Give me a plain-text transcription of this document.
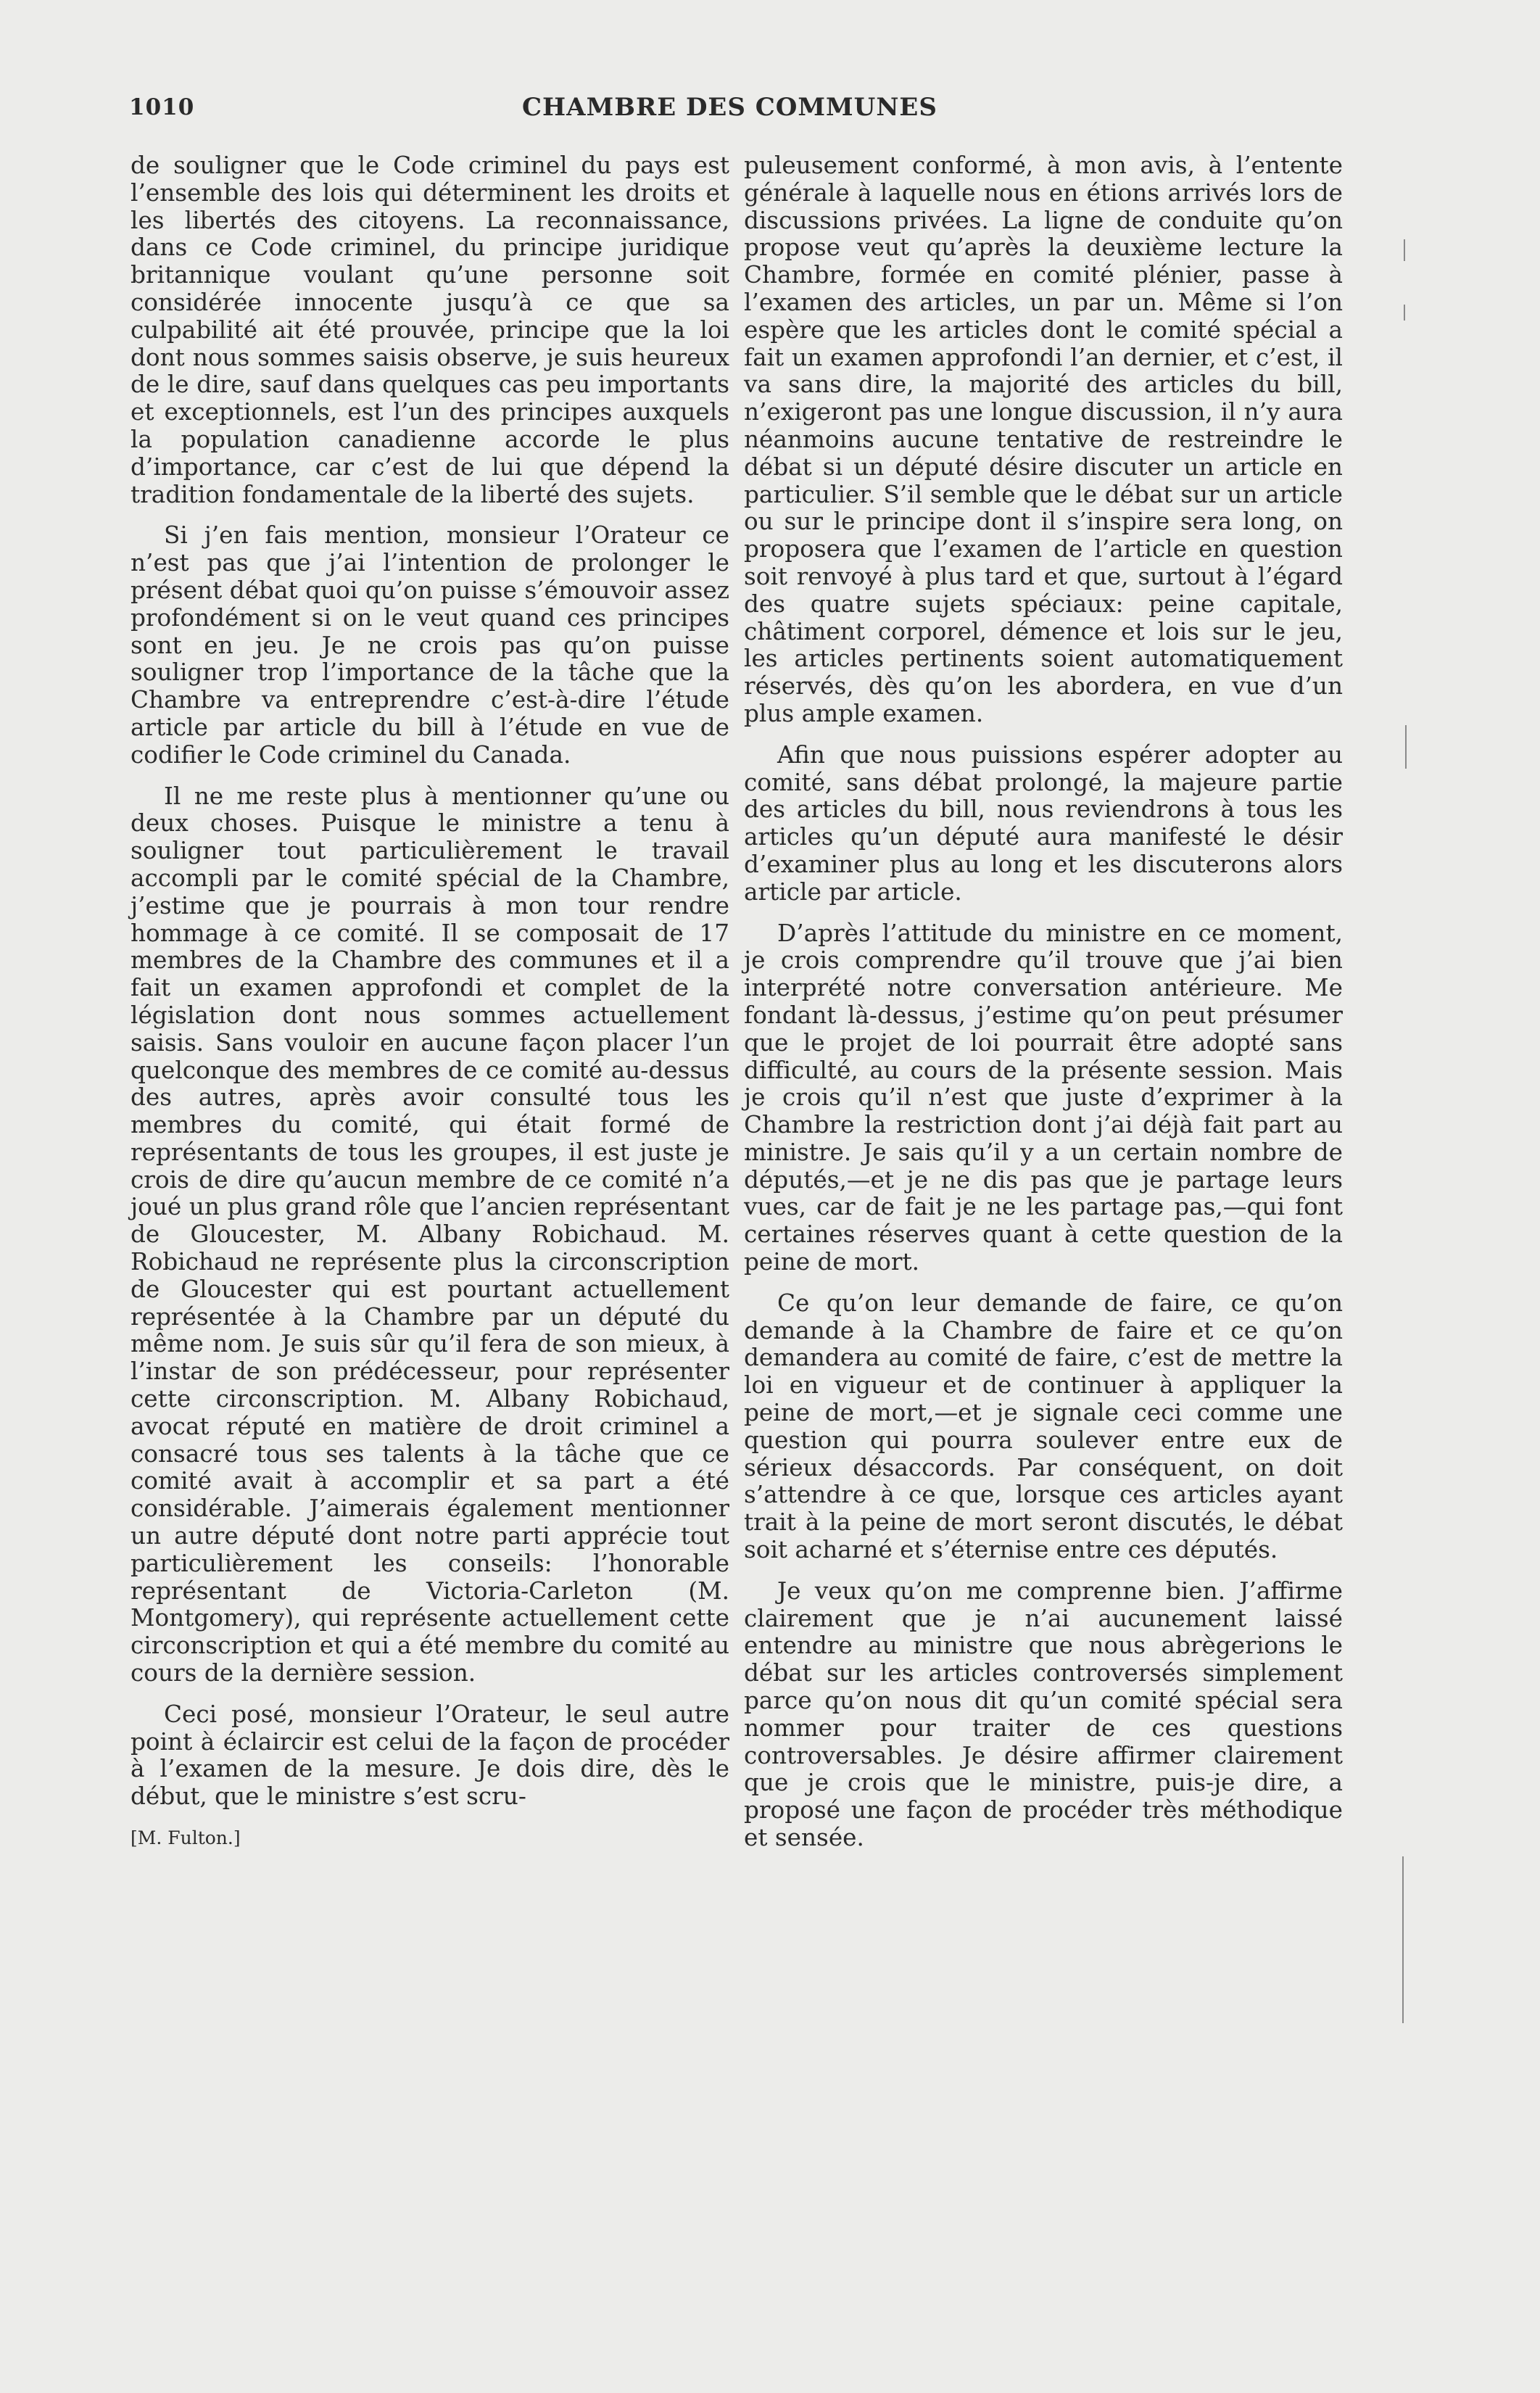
1010	CHAMBRE DES COMMUNES

de souligner que le Code criminel du pays est l’ensemble des lois qui déterminent les droits et les libertés des citoyens. La reconnaissance, dans ce Code criminel, du principe juridique britannique voulant qu’une personne soit considérée innocente jusqu’à ce que sa culpabilité ait été prouvée, principe que la loi dont nous sommes saisis observe, je suis heureux de le dire, sauf dans quelques cas peu importants et exceptionnels, est l’un des principes auxquels la population canadienne accorde le plus d’importance, car c’est de lui que dépend la tradition fondamentale de la liberté des sujets.

Si j’en fais mention, monsieur l’Orateur ce n’est pas que j’ai l’intention de prolonger le présent débat quoi qu’on puisse s’émouvoir assez profondément si on le veut quand ces principes sont en jeu. Je ne crois pas qu’on puisse souligner trop l’importance de la tâche que la Chambre va entreprendre c’est-à-dire l’étude article par article du bill à l’étude en vue de codifier le Code criminel du Canada.

Il ne me reste plus à mentionner qu’une ou deux choses. Puisque le ministre a tenu à souligner tout particulièrement le travail accompli par le comité spécial de la Chambre, j’estime que je pourrais à mon tour rendre hommage à ce comité. Il se composait de 17 membres de la Chambre des communes et il a fait un examen approfondi et complet de la législation dont nous sommes actuellement saisis. Sans vouloir en aucune façon placer l’un quelconque des membres de ce comité au-dessus des autres, après avoir consulté tous les membres du comité, qui était formé de représentants de tous les groupes, il est juste je crois de dire qu’aucun membre de ce comité n’a joué un plus grand rôle que l’ancien représentant de Gloucester, M. Albany Robichaud. M. Robichaud ne représente plus la circonscription de Gloucester qui est pourtant actuellement représentée à la Chambre par un député du même nom. Je suis sûr qu’il fera de son mieux, à l’instar de son prédécesseur, pour représenter cette circonscription. M. Albany Robichaud, avocat réputé en matière de droit criminel a consacré tous ses talents à la tâche que ce comité avait à accomplir et sa part a été considérable. J’aimerais également mentionner un autre député dont notre parti apprécie tout particulièrement les conseils: l’honorable représentant de Victoria-Carleton (M. Montgomery), qui représente actuellement cette circonscription et qui a été membre du comité au cours de la dernière session.

Ceci posé, monsieur l’Orateur, le seul autre point à éclaircir est celui de la façon de procéder à l’examen de la mesure. Je dois dire, dès le début, que le ministre s’est scru-

[M. Fulton.]

puleusement conformé, à mon avis, à l’entente générale à laquelle nous en étions arrivés lors de discussions privées. La ligne de conduite qu’on propose veut qu’après la deuxième lecture la Chambre, formée en comité plénier, passe à l’examen des articles, un par un. Même si l’on espère que les articles dont le comité spécial a fait un examen approfondi l’an dernier, et c’est, il va sans dire, la majorité des articles du bill, n’exigeront pas une longue discussion, il n’y aura néanmoins aucune tentative de restreindre le débat si un député désire discuter un article en particulier. S’il semble que le débat sur un article ou sur le principe dont il s’inspire sera long, on proposera que l’examen de l’article en question soit renvoyé à plus tard et que, surtout à l’égard des quatre sujets spéciaux: peine capitale, châtiment corporel, démence et lois sur le jeu, les articles pertinents soient automatiquement réservés, dès qu’on les abordera, en vue d’un plus ample examen.

Afin que nous puissions espérer adopter au comité, sans débat prolongé, la majeure partie des articles du bill, nous reviendrons à tous les articles qu’un député aura manifesté le désir d’examiner plus au long et les discuterons alors article par article.

D’après l’attitude du ministre en ce moment, je crois comprendre qu’il trouve que j’ai bien interprété notre conversation antérieure. Me fondant là-dessus, j’estime qu’on peut présumer que le projet de loi pourrait être adopté sans difficulté, au cours de la présente session. Mais je crois qu’il n’est que juste d’exprimer à la Chambre la restriction dont j’ai déjà fait part au ministre. Je sais qu’il y a un certain nombre de députés,—et je ne dis pas que je partage leurs vues, car de fait je ne les partage pas,—qui font certaines réserves quant à cette question de la peine de mort.

Ce qu’on leur demande de faire, ce qu’on demande à la Chambre de faire et ce qu’on demandera au comité de faire, c’est de mettre la loi en vigueur et de continuer à appliquer la peine de mort,—et je signale ceci comme une question qui pourra soulever entre eux de sérieux désaccords. Par conséquent, on doit s’attendre à ce que, lorsque ces articles ayant trait à la peine de mort seront discutés, le débat soit acharné et s’éternise entre ces députés.

Je veux qu’on me comprenne bien. J’affirme clairement que je n’ai aucunement laissé entendre au ministre que nous abrègerions le débat sur les articles controversés simplement parce qu’on nous dit qu’un comité spécial sera nommer pour traiter de ces questions controversables. Je désire affirmer clairement que je crois que le ministre, puis-je dire, a proposé une façon de procéder très méthodique et sensée.
